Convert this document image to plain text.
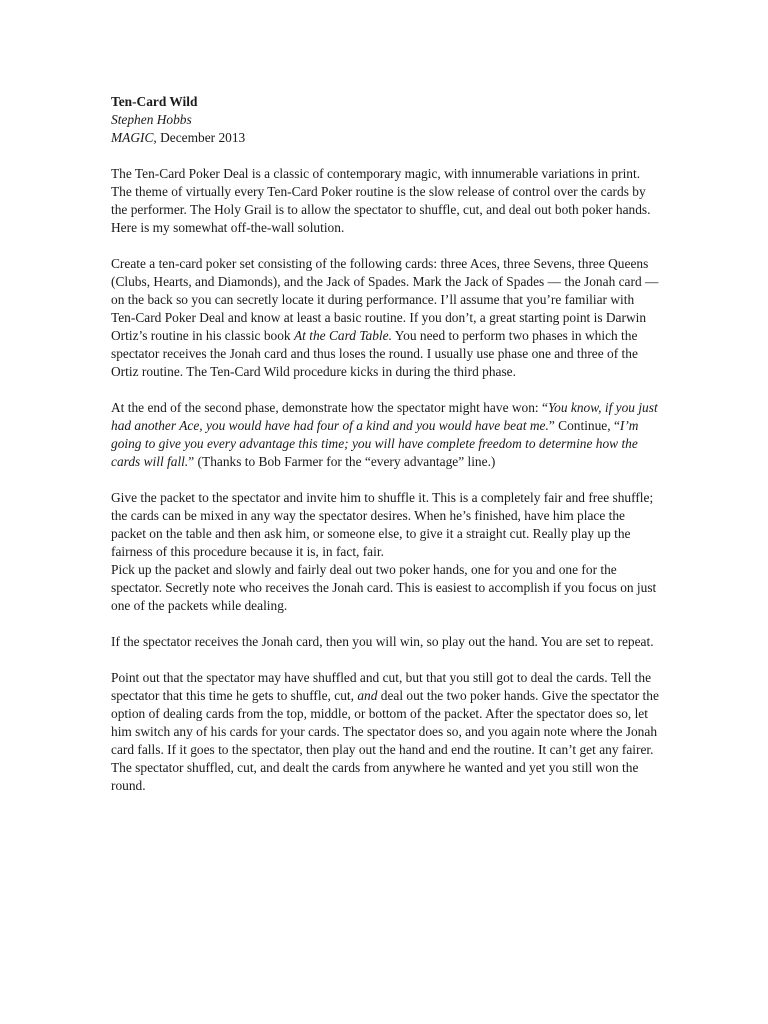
Ten-Card Wild
Stephen Hobbs
MAGIC, December 2013

The Ten-Card Poker Deal is a classic of contemporary magic, with innumerable variations in print. The theme of virtually every Ten-Card Poker routine is the slow release of control over the cards by the performer. The Holy Grail is to allow the spectator to shuffle, cut, and deal out both poker hands. Here is my somewhat off-the-wall solution.

Create a ten-card poker set consisting of the following cards: three Aces, three Sevens, three Queens (Clubs, Hearts, and Diamonds), and the Jack of Spades. Mark the Jack of Spades — the Jonah card — on the back so you can secretly locate it during performance. I’ll assume that you’re familiar with Ten-Card Poker Deal and know at least a basic routine. If you don’t, a great starting point is Darwin Ortiz’s routine in his classic book At the Card Table. You need to perform two phases in which the spectator receives the Jonah card and thus loses the round. I usually use phase one and three of the Ortiz routine. The Ten-Card Wild procedure kicks in during the third phase.

At the end of the second phase, demonstrate how the spectator might have won: “You know, if you just had another Ace, you would have had four of a kind and you would have beat me.” Continue, “I’m going to give you every advantage this time; you will have complete freedom to determine how the cards will fall.” (Thanks to Bob Farmer for the “every advantage” line.)

Give the packet to the spectator and invite him to shuffle it. This is a completely fair and free shuffle; the cards can be mixed in any way the spectator desires. When he’s finished, have him place the packet on the table and then ask him, or someone else, to give it a straight cut. Really play up the fairness of this procedure because it is, in fact, fair.

Pick up the packet and slowly and fairly deal out two poker hands, one for you and one for the spectator. Secretly note who receives the Jonah card. This is easiest to accomplish if you focus on just one of the packets while dealing.

If the spectator receives the Jonah card, then you will win, so play out the hand. You are set to repeat.

Point out that the spectator may have shuffled and cut, but that you still got to deal the cards. Tell the spectator that this time he gets to shuffle, cut, and deal out the two poker hands. Give the spectator the option of dealing cards from the top, middle, or bottom of the packet. After the spectator does so, let him switch any of his cards for your cards. The spectator does so, and you again note where the Jonah card falls. If it goes to the spectator, then play out the hand and end the routine. It can’t get any fairer. The spectator shuffled, cut, and dealt the cards from anywhere he wanted and yet you still won the round.
